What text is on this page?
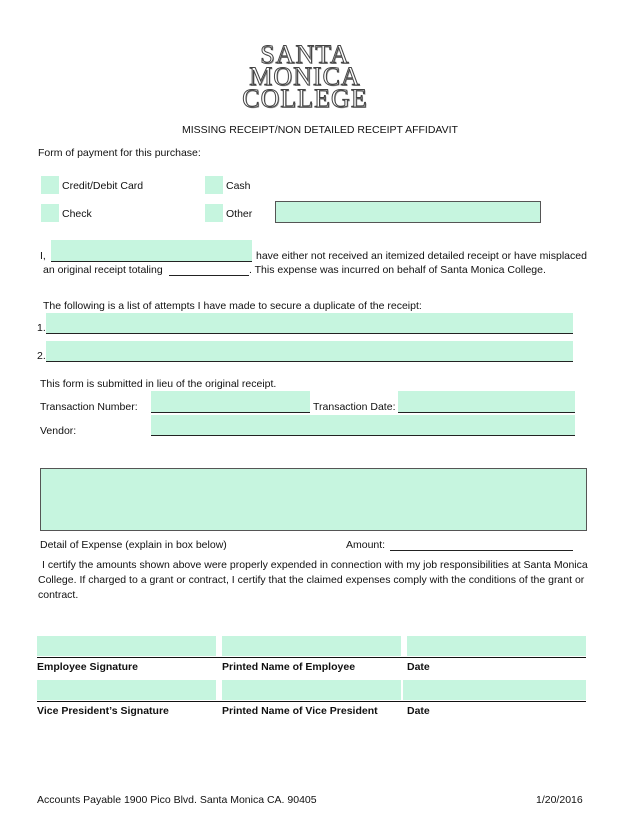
SANTA
MONICA
COLLEGE
MISSING RECEIPT/NON DETAILED RECEIPT AFFIDAVIT
Form of payment for this purchase:
Credit/Debit Card	Cash
Check	Other
I,	have either not received an itemized detailed receipt or have misplaced
an original receipt totaling	. This expense was incurred on behalf of Santa Monica College.
The following is a list of attempts I have made to secure a duplicate of the receipt:
1.
2.
This form is submitted in lieu of the original receipt.
Transaction Number:	Transaction Date:
Vendor:
Detail of Expense (explain in box below)	Amount:
I certify the amounts shown above were properly expended in connection with my job responsibilities at Santa Monica College. If charged to a grant or contract, I certify that the claimed expenses comply with the conditions of the grant or contract.
Employee Signature	Printed Name of Employee	Date
Vice President’s Signature	Printed Name of Vice President	Date
Accounts Payable 1900 Pico Blvd. Santa Monica CA. 90405	1/20/2016
